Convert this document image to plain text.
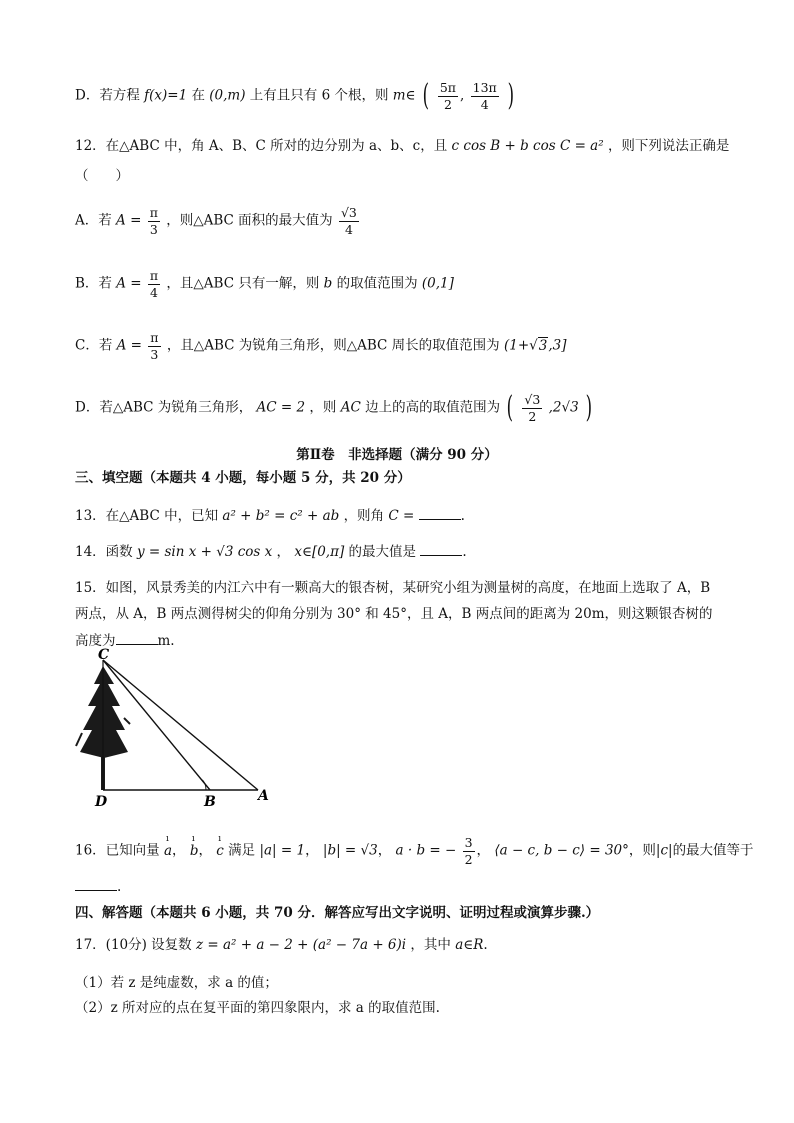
D．若方程 f(x)=1 在 (0,m) 上有且只有 6 个根，则 m∈ ( $\frac{5\pi}{2}$ , $\frac{13\pi}{4}$ )
12．在△ABC 中，角 A、B、C 所对的边分别为 a、b、c，且 c cos B + b cos C = a² ，则下列说法正确是
（　　）
A．若 $A = \frac{\pi}{3}$ ，则△ABC 面积的最大值为 $\frac{√3}{4}$
B．若 $A = \frac{\pi}{4}$ ，且△ABC 只有一解，则 b 的取值范围为 (0,1]
C．若 $A = \frac{\pi}{3}$ ，且△ABC 为锐角三角形，则△ABC 周长的取值范围为 (1+√3,3]
D．若△ABC 为锐角三角形， AC = 2 ，则 AC 边上的高的取值范围为 ( $\frac{√3}{2} ,2√3$ )
第Ⅱ卷　非选择题（满分 90 分）
三、填空题（本题共 4 小题，每小题 5 分，共 20 分）
13．在△ABC 中，已知 a² + b² = c² + ab ，则角 C =	.
14．函数 y = sin x + √3 cos x ， x∈[0,π] 的最大值是	.
15．如图，风景秀美的内江六中有一颗高大的银杏树，某研究小组为测量树的高度，在地面上选取了 A，B
两点，从 A，B 两点测得树尖的仰角分别为 30° 和 45°，且 A，B 两点间的距离为 20m，则这颗银杏树的
高度为	m.
C
D	B	A
16．已知向量
ı
a，
ı
b，
ı
c 满足 |a| = 1， |b| = √3， a · b = − $\frac{3}{2}$ ， ⟨a − c, b − c⟩ = 30°，则|c|的最大值等于
.
四、解答题（本题共 6 小题，共 70 分．解答应写出文字说明、证明过程或演算步骤.）
17．(10分) 设复数 z = a² + a − 2 + (a² − 7a + 6)i ，其中 a∈R.
（1）若 z 是纯虚数，求 a 的值；
（2）z 所对应的点在复平面的第四象限内，求 a 的取值范围.
